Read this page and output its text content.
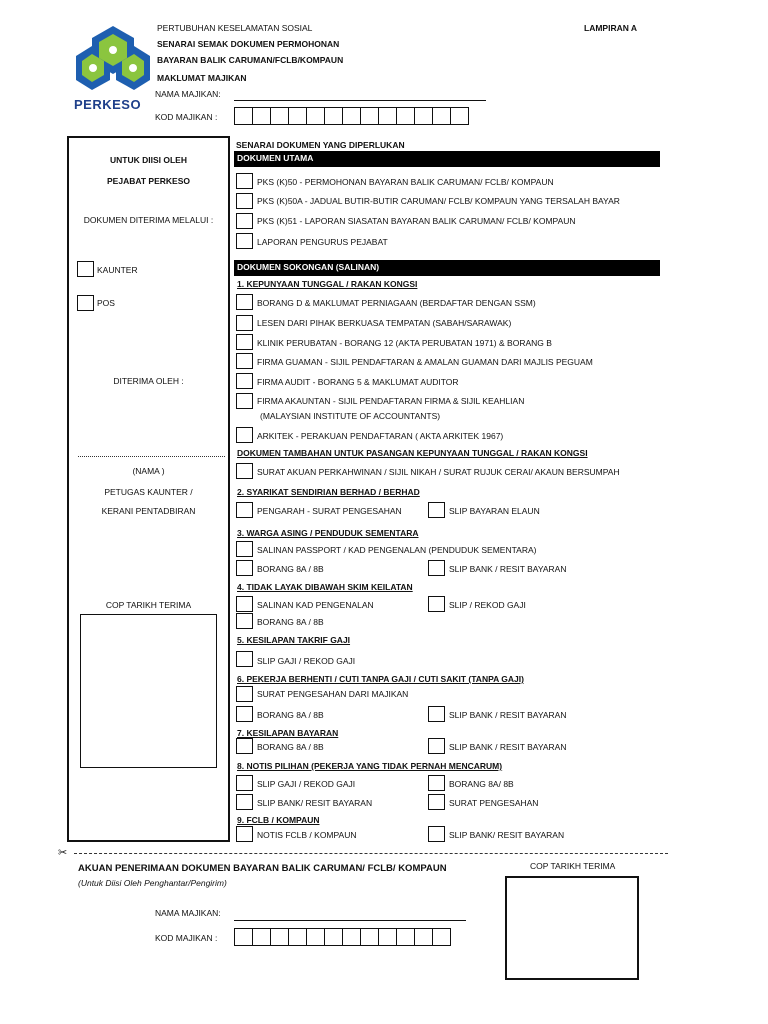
PERKESO
PERTUBUHAN KESELAMATAN SOSIAL
SENARAI SEMAK DOKUMEN PERMOHONAN
BAYARAN BALIK CARUMAN/FCLB/KOMPAUN
MAKLUMAT MAJIKAN
LAMPIRAN A
NAMA MAJIKAN:
KOD MAJIKAN :
UNTUK DIISI OLEH
PEJABAT PERKESO
DOKUMEN DITERIMA MELALUI :
KAUNTER
POS
DITERIMA OLEH :
(NAMA )
PETUGAS KAUNTER /
KERANI PENTADBIRAN
COP TARIKH TERIMA
SENARAI DOKUMEN YANG DIPERLUKAN
DOKUMEN UTAMA
PKS (K)50 - PERMOHONAN BAYARAN BALIK CARUMAN/ FCLB/ KOMPAUN
PKS (K)50A - JADUAL BUTIR-BUTIR CARUMAN/ FCLB/ KOMPAUN YANG TERSALAH BAYAR
PKS (K)51 - LAPORAN SIASATAN BAYARAN BALIK CARUMAN/ FCLB/ KOMPAUN
LAPORAN PENGURUS PEJABAT
DOKUMEN SOKONGAN (SALINAN)
1. KEPUNYAAN TUNGGAL / RAKAN KONGSI
BORANG D & MAKLUMAT PERNIAGAAN (BERDAFTAR DENGAN SSM)
LESEN DARI PIHAK BERKUASA TEMPATAN (SABAH/SARAWAK)
KLINIK PERUBATAN - BORANG 12 (AKTA PERUBATAN 1971) & BORANG B
FIRMA GUAMAN - SIJIL PENDAFTARAN & AMALAN GUAMAN DARI MAJLIS PEGUAM
FIRMA AUDIT - BORANG 5 & MAKLUMAT AUDITOR
FIRMA AKAUNTAN - SIJIL PENDAFTARAN FIRMA & SIJIL KEAHLIAN
(MALAYSIAN INSTITUTE OF ACCOUNTANTS)
ARKITEK - PERAKUAN PENDAFTARAN ( AKTA ARKITEK 1967)
DOKUMEN TAMBAHAN UNTUK PASANGAN KEPUNYAAN TUNGGAL / RAKAN KONGSI
SURAT AKUAN PERKAHWINAN / SIJIL NIKAH / SURAT RUJUK CERAI/ AKAUN BERSUMPAH
2. SYARIKAT SENDIRIAN BERHAD / BERHAD
PENGARAH - SURAT PENGESAHAN	SLIP BAYARAN ELAUN
3. WARGA ASING / PENDUDUK SEMENTARA
SALINAN PASSPORT / KAD PENGENALAN (PENDUDUK SEMENTARA)
BORANG 8A / 8B	SLIP BANK / RESIT BAYARAN
4. TIDAK LAYAK DIBAWAH SKIM KEILATAN
SALINAN KAD PENGENALAN	SLIP / REKOD GAJI
BORANG 8A / 8B
5. KESILAPAN TAKRIF GAJI
SLIP GAJI / REKOD GAJI
6. PEKERJA BERHENTI / CUTI TANPA GAJI / CUTI SAKIT (TANPA GAJI)
SURAT PENGESAHAN DARI MAJIKAN
BORANG 8A / 8B	SLIP BANK / RESIT BAYARAN
7. KESILAPAN BAYARAN
BORANG 8A / 8B	SLIP BANK / RESIT BAYARAN
8. NOTIS PILIHAN (PEKERJA YANG TIDAK PERNAH MENCARUM)
SLIP GAJI / REKOD GAJI	BORANG 8A/ 8B
SLIP BANK/ RESIT BAYARAN	SURAT PENGESAHAN
9. FCLB / KOMPAUN
NOTIS FCLB / KOMPAUN	SLIP BANK/ RESIT BAYARAN
✂
AKUAN PENERIMAAN DOKUMEN BAYARAN BALIK CARUMAN/ FCLB/ KOMPAUN
(Untuk Diisi Oleh Penghantar/Pengirim)
COP TARIKH TERIMA
NAMA MAJIKAN:
KOD MAJIKAN :
